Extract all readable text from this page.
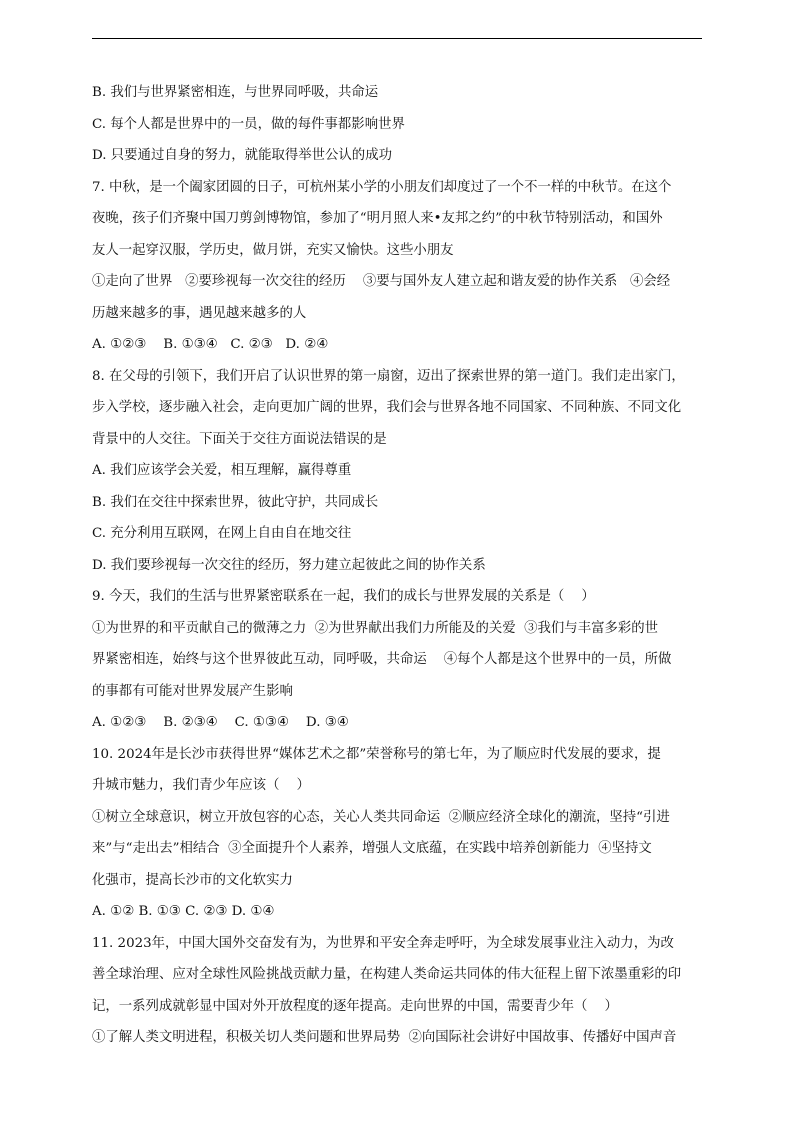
B. 我们与世界紧密相连，与世界同呼吸，共命运
C. 每个人都是世界中的一员，做的每件事都影响世界
D. 只要通过自身的努力，就能取得举世公认的成功
7. 中秋，是一个阖家团圆的日子，可杭州某小学的小朋友们却度过了一个不一样的中秋节。在这个
夜晚，孩子们齐聚中国刀剪剑博物馆，参加了“明月照人来•友邦之约”的中秋节特别活动，和国外
友人一起穿汉服，学历史，做月饼，充实又愉快。这些小朋友
①走向了世界   ②要珍视每一次交往的经历    ③要与国外友人建立起和谐友爱的协作关系   ④会经
历越来越多的事，遇见越来越多的人
A. ①②③    B. ①③④   C. ②③   D. ②④
8. 在父母的引领下，我们开启了认识世界的第一扇窗，迈出了探索世界的第一道门。我们走出家门，
步入学校，逐步融入社会，走向更加广阔的世界，我们会与世界各地不同国家、不同种族、不同文化
背景中的人交往。下面关于交往方面说法错误的是
A. 我们应该学会关爱，相互理解，赢得尊重
B. 我们在交往中探索世界，彼此守护，共同成长
C. 充分利用互联网，在网上自由自在地交往
D. 我们要珍视每一次交往的经历，努力建立起彼此之间的协作关系
9. 今天，我们的生活与世界紧密联系在一起，我们的成长与世界发展的关系是（    ）
①为世界的和平贡献自己的微薄之力  ②为世界献出我们力所能及的关爱  ③我们与丰富多彩的世
界紧密相连，始终与这个世界彼此互动，同呼吸，共命运    ④每个人都是这个世界中的一员，所做
的事都有可能对世界发展产生影响
A. ①②③    B. ②③④    C. ①③④    D. ③④
10. 2024年是长沙市获得世界“媒体艺术之都”荣誉称号的第七年，为了顺应时代发展的要求，提
升城市魅力，我们青少年应该（    ）
①树立全球意识，树立开放包容的心态，关心人类共同命运  ②顺应经济全球化的潮流，坚持“引进
来”与“走出去”相结合  ③全面提升个人素养，增强人文底蕴，在实践中培养创新能力  ④坚持文
化强市，提高长沙市的文化软实力
A. ①② B. ①③ C. ②③ D. ①④
11. 2023年，中国大国外交奋发有为，为世界和平安全奔走呼吁，为全球发展事业注入动力，为改
善全球治理、应对全球性风险挑战贡献力量，在构建人类命运共同体的伟大征程上留下浓墨重彩的印
记，一系列成就彰显中国对外开放程度的逐年提高。走向世界的中国，需要青少年（    ）
①了解人类文明进程，积极关切人类问题和世界局势  ②向国际社会讲好中国故事、传播好中国声音
